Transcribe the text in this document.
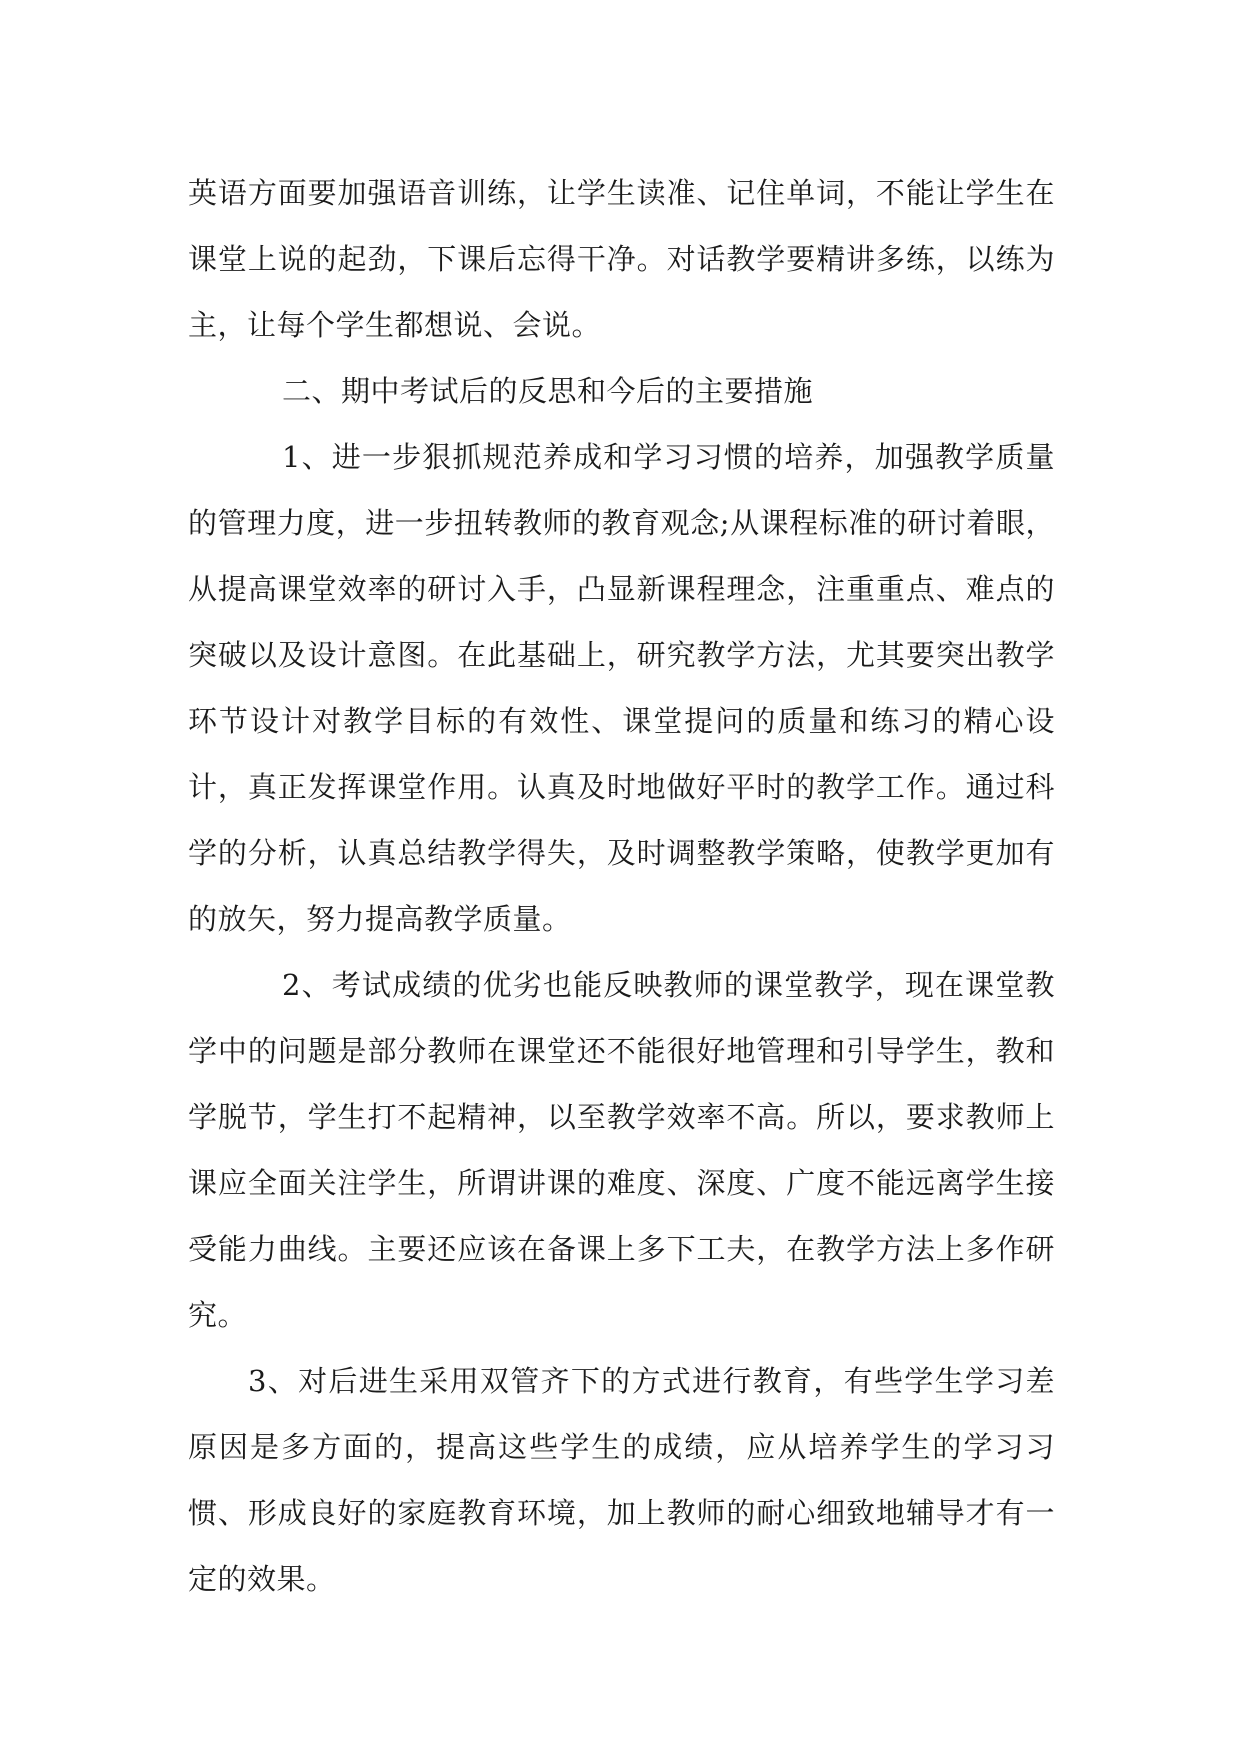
英语方面要加强语音训练，让学生读准、记住单词，不能让学生在课堂上说的起劲，下课后忘得干净。对话教学要精讲多练，以练为主，让每个学生都想说、会说。

二、期中考试后的反思和今后的主要措施

1、进一步狠抓规范养成和学习习惯的培养，加强教学质量的管理力度，进一步扭转教师的教育观念;从课程标准的研讨着眼，从提高课堂效率的研讨入手，凸显新课程理念，注重重点、难点的突破以及设计意图。在此基础上，研究教学方法，尤其要突出教学环节设计对教学目标的有效性、课堂提问的质量和练习的精心设计，真正发挥课堂作用。认真及时地做好平时的教学工作。通过科学的分析，认真总结教学得失，及时调整教学策略，使教学更加有的放矢，努力提高教学质量。

2、考试成绩的优劣也能反映教师的课堂教学，现在课堂教学中的问题是部分教师在课堂还不能很好地管理和引导学生，教和学脱节，学生打不起精神，以至教学效率不高。所以，要求教师上课应全面关注学生，所谓讲课的难度、深度、广度不能远离学生接受能力曲线。主要还应该在备课上多下工夫，在教学方法上多作研究。

3、对后进生采用双管齐下的方式进行教育，有些学生学习差原因是多方面的，提高这些学生的成绩，应从培养学生的学习习惯、形成良好的家庭教育环境，加上教师的耐心细致地辅导才有一定的效果。
